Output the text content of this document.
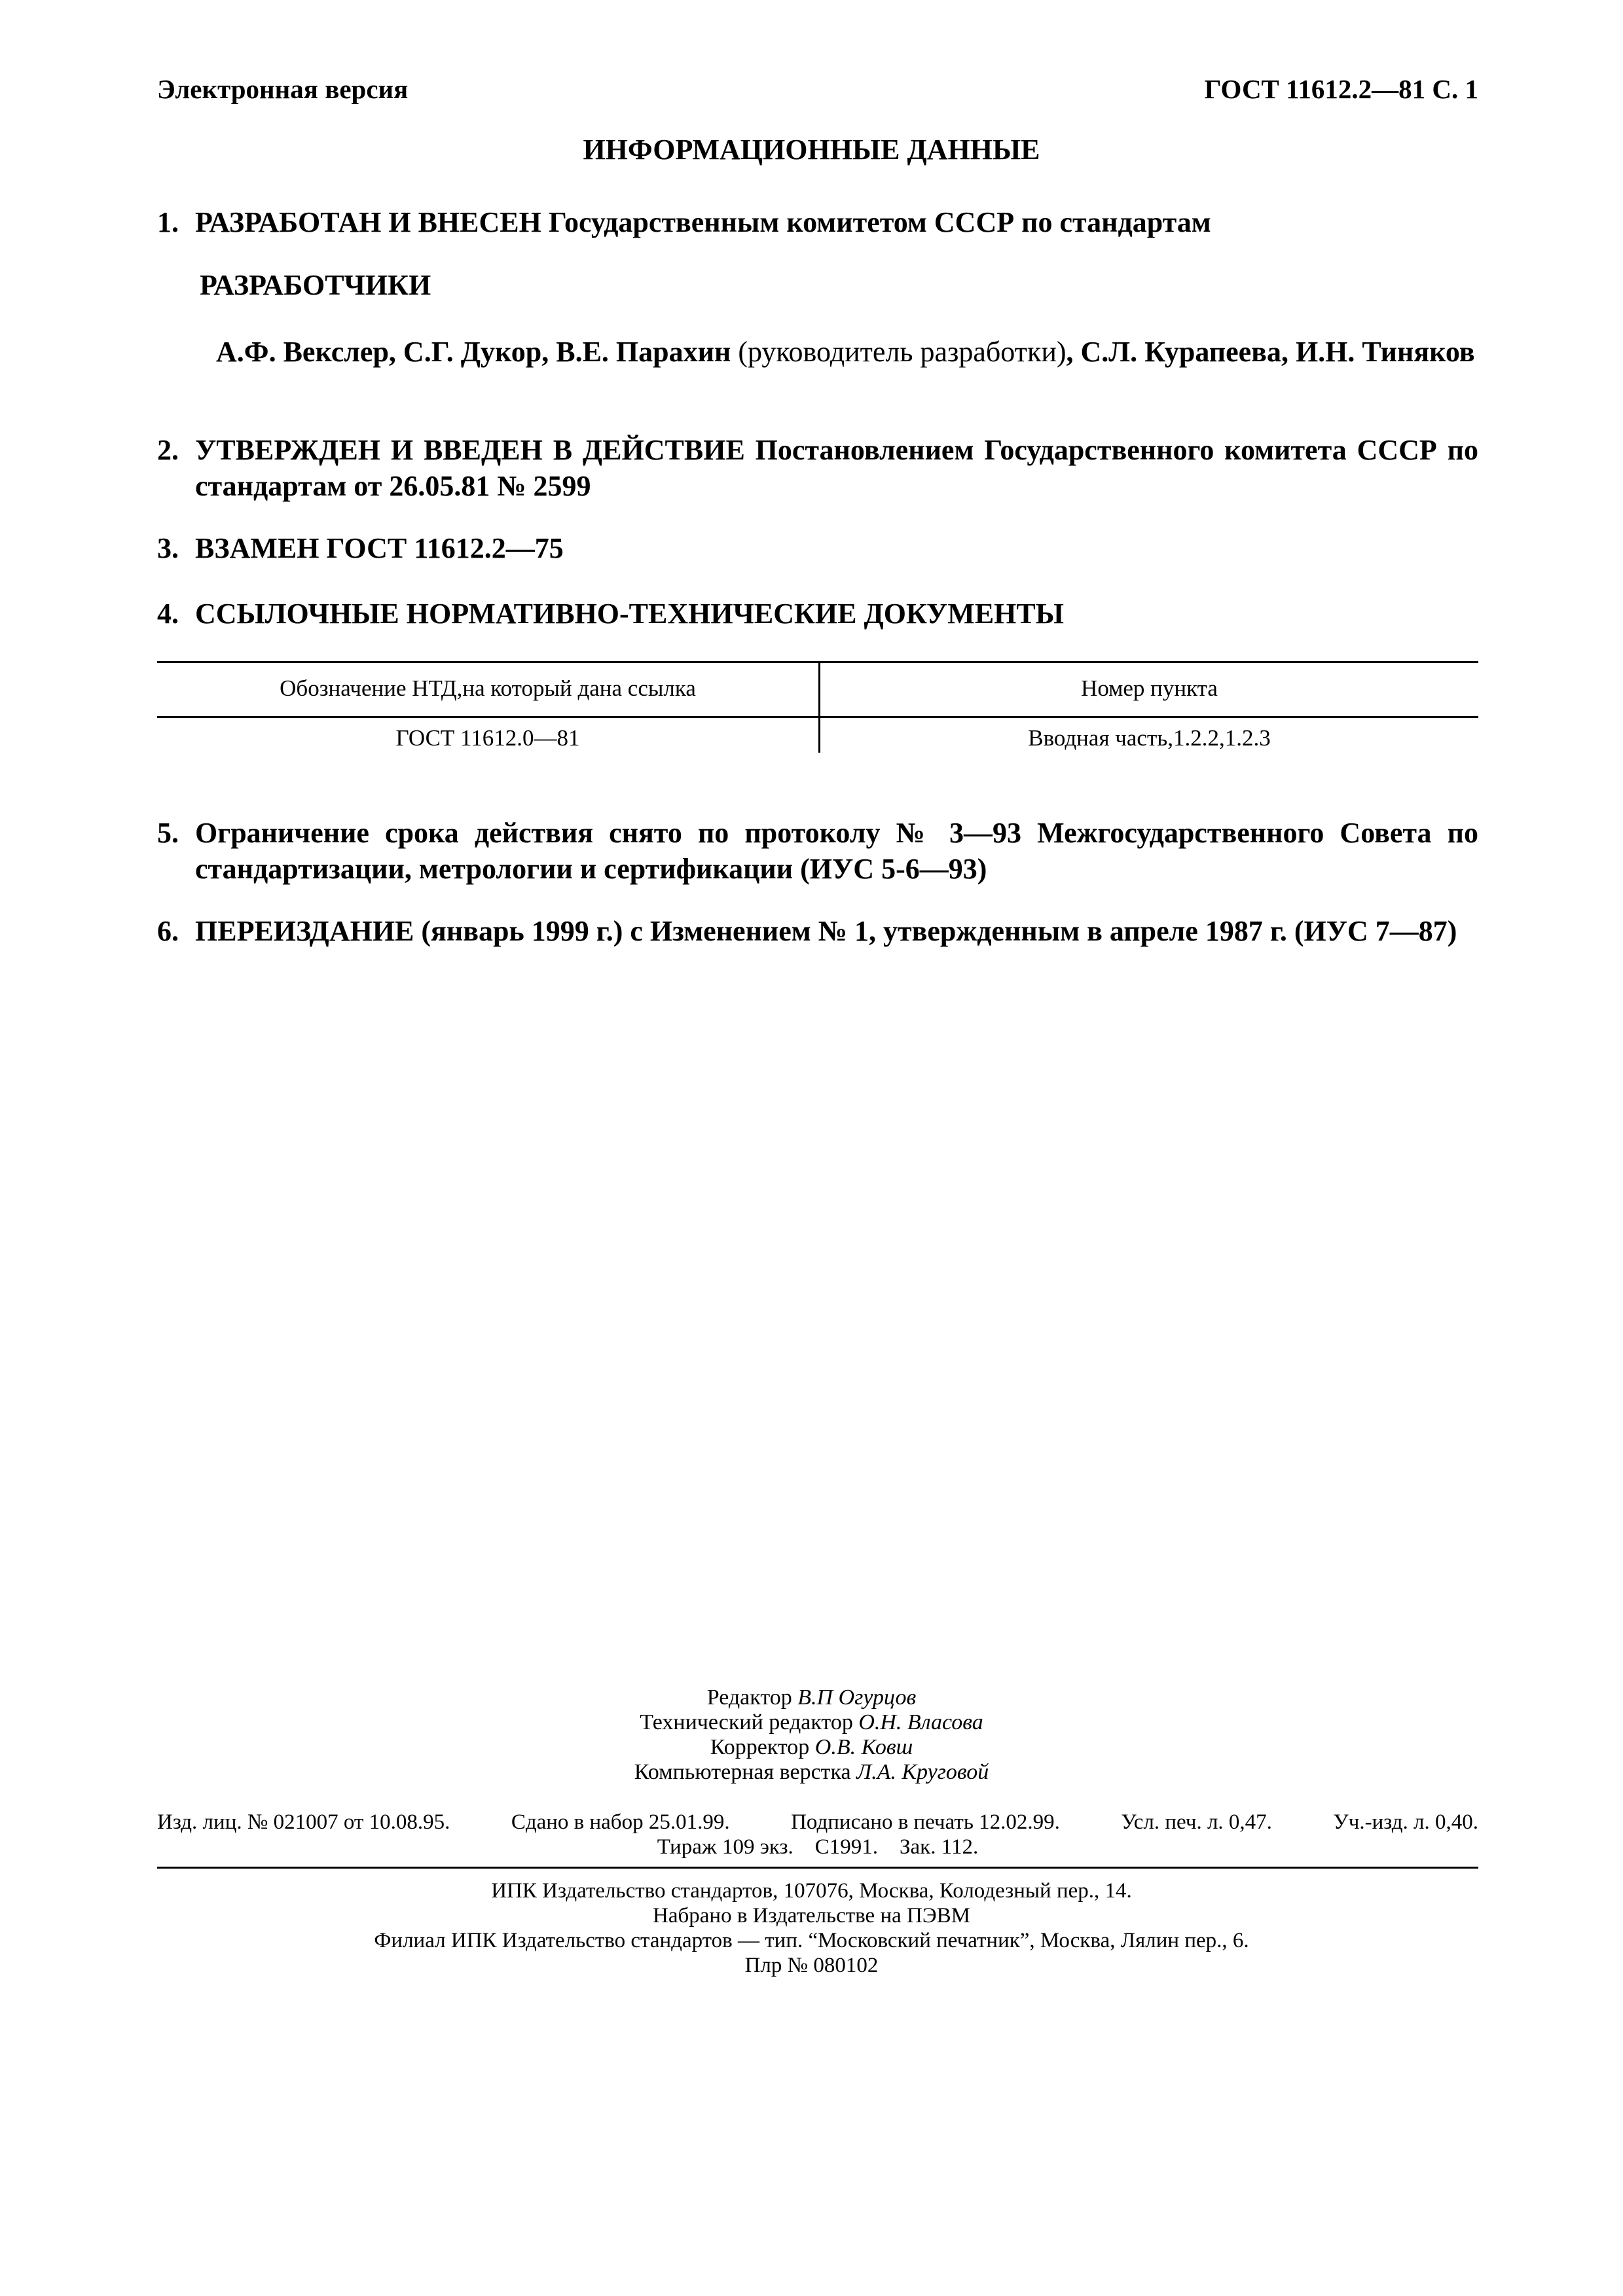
Электронная версия	ГОСТ 11612.2—81 С. 1
ИНФОРМАЦИОННЫЕ ДАННЫЕ
1. РАЗРАБОТАН И ВНЕСЕН Государственным комитетом СССР по стандартам
РАЗРАБОТЧИКИ
А.Ф. Векслер, С.Г. Дукор, В.Е. Парахин (руководитель разработки), С.Л. Курапеева, И.Н. Тиняков
2. УТВЕРЖДЕН И ВВЕДЕН В ДЕЙСТВИЕ Постановлением Государственного комитета СССР по стандартам от 26.05.81 № 2599
3. ВЗАМЕН ГОСТ 11612.2—75
4. ССЫЛОЧНЫЕ НОРМАТИВНО-ТЕХНИЧЕСКИЕ ДОКУМЕНТЫ
Обозначение НТД,на который дана ссылка	Номер пункта
ГОСТ 11612.0—81	Вводная часть,1.2.2,1.2.3
5. Ограничение срока действия снято по протоколу № 3—93 Межгосударственного Совета по стандартизации, метрологии и сертификации (ИУС 5-6—93)
6. ПЕРЕИЗДАНИЕ (январь 1999 г.) с Изменением № 1, утвержденным в апреле 1987 г. (ИУС 7—87)
Редактор В.П Огурцов
Технический редактор О.Н. Власова
Корректор О.В. Ковш
Компьютерная верстка Л.А. Круговой
Изд. лиц. № 021007 от 10.08.95.	Сдано в набор 25.01.99.	Подписано в печать 12.02.99.	Усл. печ. л. 0,47.	Уч.-изд. л. 0,40.
Тираж 109 экз.    С1991.    Зак. 112.
ИПК Издательство стандартов, 107076, Москва, Колодезный пер., 14.
Набрано в Издательстве на ПЭВМ
Филиал ИПК Издательство стандартов — тип. “Московский печатник”, Москва, Лялин пер., 6.
Плр № 080102
